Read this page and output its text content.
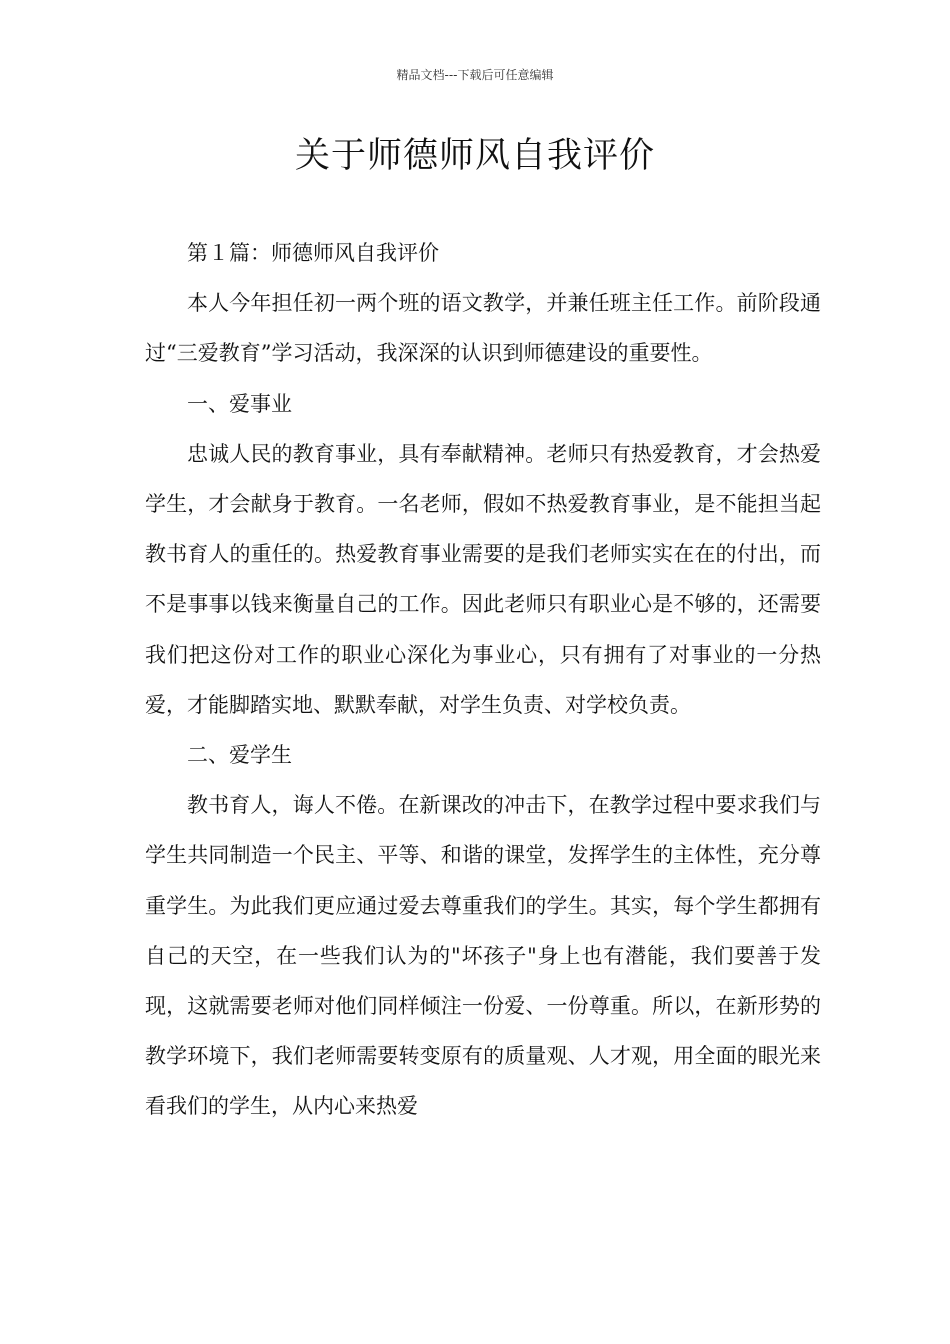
精品文档---下载后可任意编辑
关于师德师风自我评价

第１篇：师德师风自我评价

本人今年担任初一两个班的语文教学，并兼任班主任工作。前阶段通过“三爱教育”学习活动，我深深的认识到师德建设的重要性。

一、爱事业

忠诚人民的教育事业，具有奉献精神。老师只有热爱教育，才会热爱学生，才会献身于教育。一名老师，假如不热爱教育事业，是不能担当起教书育人的重任的。热爱教育事业需要的是我们老师实实在在的付出，而不是事事以钱来衡量自己的工作。因此老师只有职业心是不够的，还需要我们把这份对工作的职业心深化为事业心，只有拥有了对事业的一分热爱，才能脚踏实地、默默奉献，对学生负责、对学校负责。

二、爱学生

教书育人，诲人不倦。在新课改的冲击下，在教学过程中要求我们与学生共同制造一个民主、平等、和谐的课堂，发挥学生的主体性，充分尊重学生。为此我们更应通过爱去尊重我们的学生。其实，每个学生都拥有自己的天空，在一些我们认为的"坏孩子"身上也有潜能，我们要善于发现，这就需要老师对他们同样倾注一份爱、一份尊重。所以，在新形势的教学环境下，我们老师需要转变原有的质量观、人才观，用全面的眼光来看我们的学生，从内心来热爱
